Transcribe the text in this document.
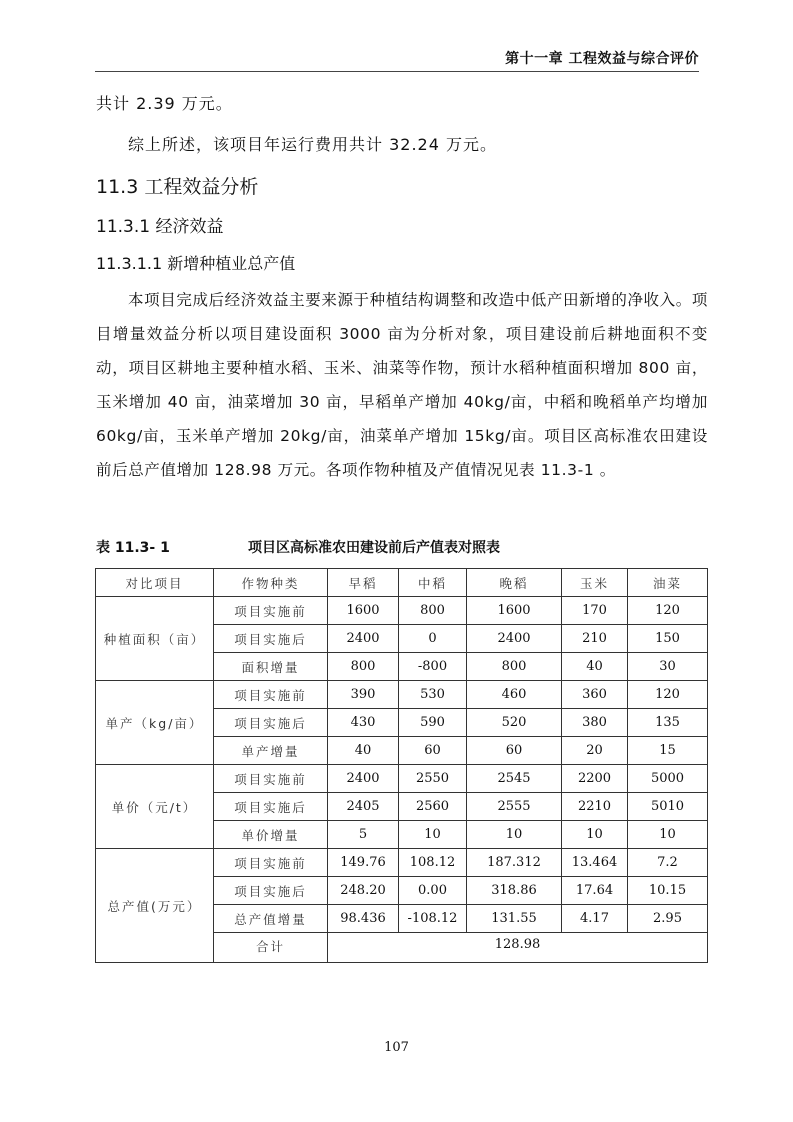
第十一章 工程效益与综合评价
共计 2.39 万元。
综上所述，该项目年运行费用共计 32.24 万元。
11.3 工程效益分析
11.3.1 经济效益
11.3.1.1 新增种植业总产值
本项目完成后经济效益主要来源于种植结构调整和改造中低产田新增的净收入。项目增量效益分析以项目建设面积 3000 亩为分析对象，项目建设前后耕地面积不变动，项目区耕地主要种植水稻、玉米、油菜等作物，预计水稻种植面积增加 800 亩，玉米增加 40 亩，油菜增加 30 亩，早稻单产增加 40kg/亩，中稻和晚稻单产均增加 60kg/亩，玉米单产增加 20kg/亩，油菜单产增加 15kg/亩。项目区高标准农田建设前后总产值增加 128.98 万元。各项作物种植及产值情况见表 11.3-1 。
表 11.3- 1	项目区高标准农田建设前后产值表对照表
对比项目	作物种类	早稻	中稻	晚稻	玉米	油菜
种植面积（亩）	项目实施前	1600	800	1600	170	120
	项目实施后	2400	0	2400	210	150
	面积增量	800	-800	800	40	30
单产（kg/亩）	项目实施前	390	530	460	360	120
	项目实施后	430	590	520	380	135
	单产增量	40	60	60	20	15
单价（元/t）	项目实施前	2400	2550	2545	2200	5000
	项目实施后	2405	2560	2555	2210	5010
	单价增量	5	10	10	10	10
总产值(万元）	项目实施前	149.76	108.12	187.312	13.464	7.2
	项目实施后	248.20	0.00	318.86	17.64	10.15
	总产值增量	98.436	-108.12	131.55	4.17	2.95
	合计	128.98				
107
